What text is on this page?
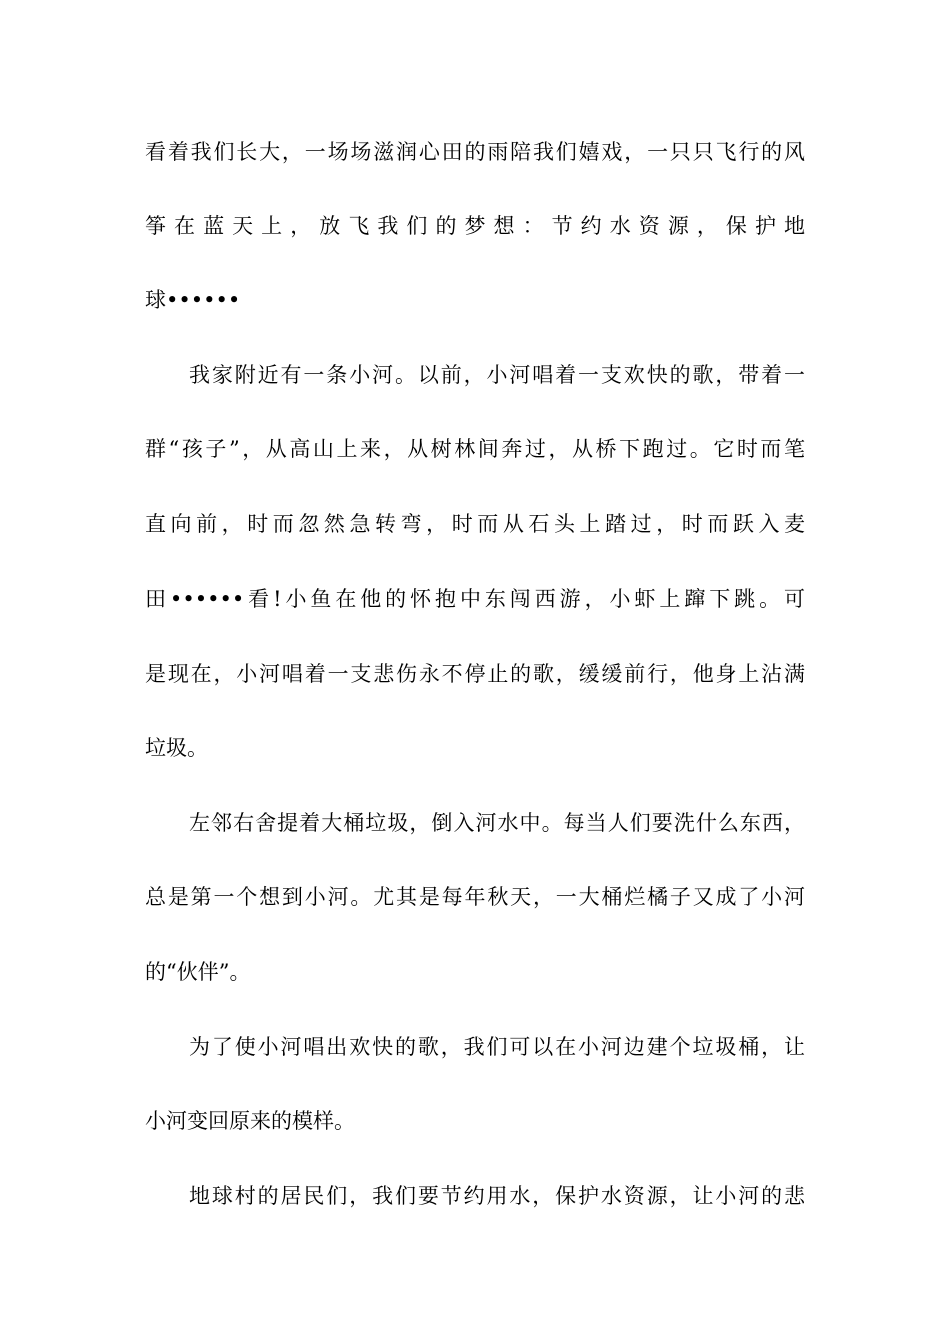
看着我们长大，一场场滋润心田的雨陪我们嬉戏，一只只飞行的风
筝在蓝天上，放飞我们的梦想：节约水资源，保护地
球••••••
我家附近有一条小河。以前，小河唱着一支欢快的歌，带着一
群“孩子”，从高山上来，从树林间奔过，从桥下跑过。它时而笔
直向前，时而忽然急转弯，时而从石头上踏过，时而跃入麦
田••••••看!小鱼在他的怀抱中东闯西游，小虾上蹿下跳。可
是现在，小河唱着一支悲伤永不停止的歌，缓缓前行，他身上沾满
垃圾。
左邻右舍提着大桶垃圾，倒入河水中。每当人们要洗什么东西，
总是第一个想到小河。尤其是每年秋天，一大桶烂橘子又成了小河
的“伙伴”。
为了使小河唱出欢快的歌，我们可以在小河边建个垃圾桶，让
小河变回原来的模样。
地球村的居民们，我们要节约用水，保护水资源，让小河的悲
